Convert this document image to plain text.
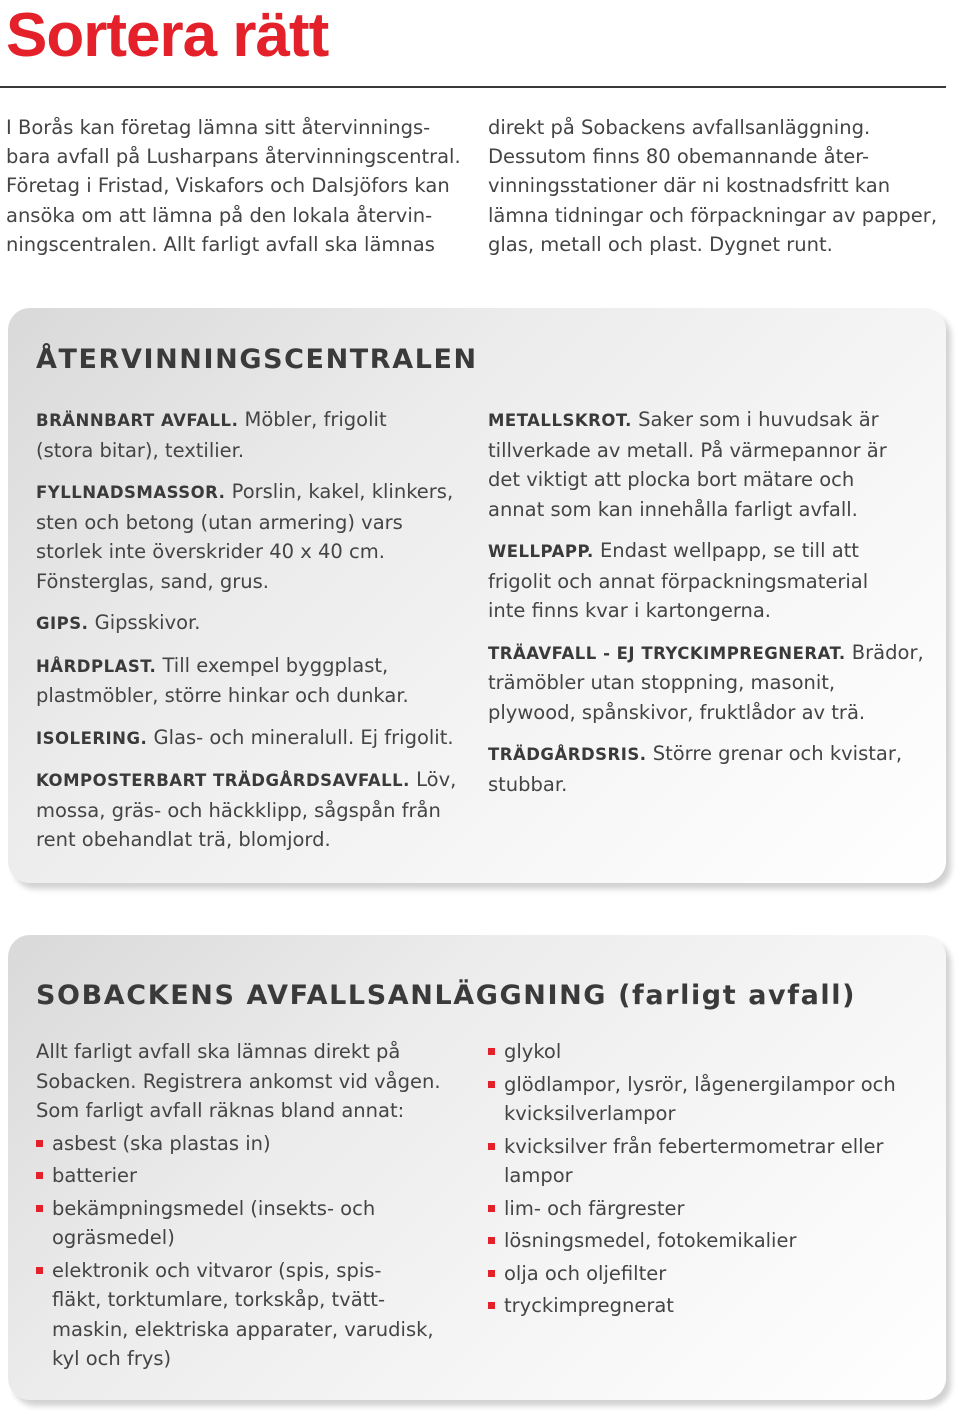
Sortera rätt

I Borås kan företag lämna sitt återvinnings-
bara avfall på Lusharpans återvinningscentral.
Företag i Fristad, Viskafors och Dalsjöfors kan
ansöka om att lämna på den lokala återvin-
ningscentralen. Allt farligt avfall ska lämnas

direkt på Sobackens avfallsanläggning.
Dessutom finns 80 obemannande åter-
vinningsstationer där ni kostnadsfritt kan
lämna tidningar och förpackningar av papper,
glas, metall och plast. Dygnet runt.

ÅTERVINNINGSCENTRALEN

BRÄNNBART AVFALL. Möbler, frigolit
(stora bitar), textilier.

FYLLNADSMASSOR. Porslin, kakel, klinkers,
sten och betong (utan armering) vars
storlek inte överskrider 40 x 40 cm.
Fönsterglas, sand, grus.

GIPS. Gipsskivor.

HÅRDPLAST. Till exempel byggplast,
plastmöbler, större hinkar och dunkar.

ISOLERING. Glas- och mineralull. Ej frigolit.

KOMPOSTERBART TRÄDGÅRDSAVFALL. Löv,
mossa, gräs- och häckklipp, sågspån från
rent obehandlat trä, blomjord.

METALLSKROT. Saker som i huvudsak är
tillverkade av metall. På värmepannor är
det viktigt att plocka bort mätare och
annat som kan innehålla farligt avfall.

WELLPAPP. Endast wellpapp, se till att
frigolit och annat förpackningsmaterial
inte finns kvar i kartongerna.

TRÄAVFALL - EJ TRYCKIMPREGNERAT. Brädor,
trämöbler utan stoppning, masonit,
plywood, spånskivor, fruktlådor av trä.

TRÄDGÅRDSRIS. Större grenar och kvistar,
stubbar.

SOBACKENS AVFALLSANLÄGGNING (farligt avfall)
Allt farligt avfall ska lämnas direkt på
Sobacken. Registrera ankomst vid vågen.
Som farligt avfall räknas bland annat:
asbest (ska plastas in)
batterier
bekämpningsmedel (insekts- och
ogräsmedel)
elektronik och vitvaror (spis, spis-
fläkt, torktumlare, torkskåp, tvätt-
maskin, elektriska apparater, varudisk,
kyl och frys)
glykol
glödlampor, lysrör, lågenergilampor och
kvicksilverlampor
kvicksilver från febertermometrar eller
lampor
lim- och färgrester
lösningsmedel, fotokemikalier
olja och oljefilter
tryckimpregnerat
